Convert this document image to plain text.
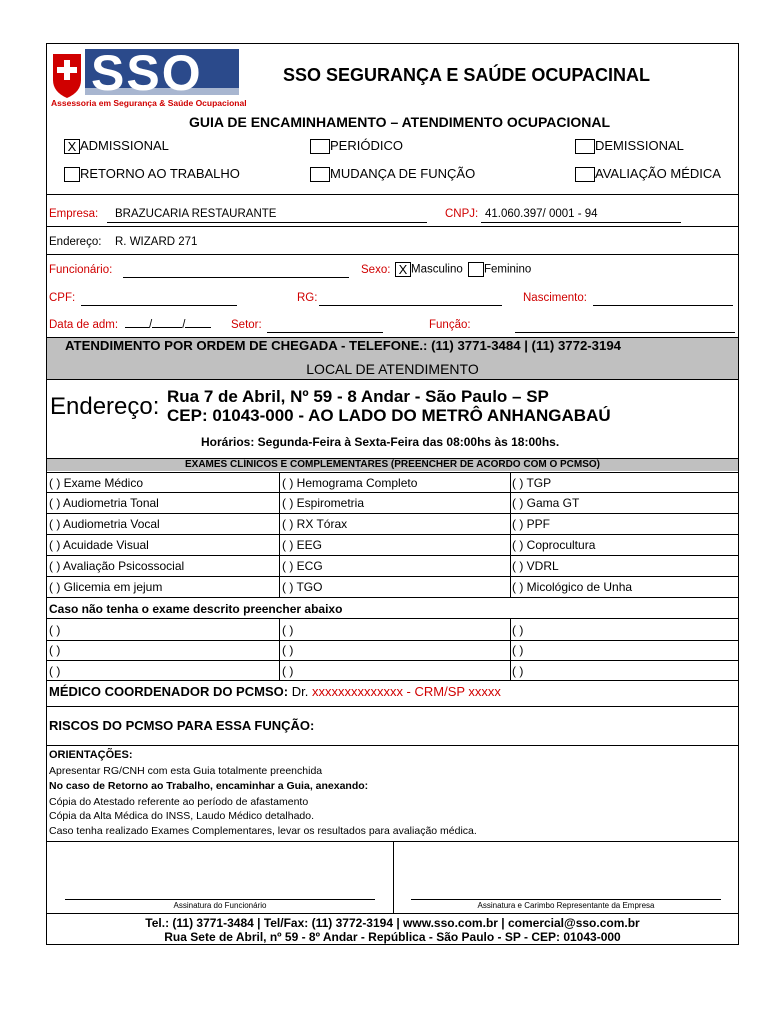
SSO
Assessoria em Segurança & Saúde Ocupacional
SSO SEGURANÇA E SAÚDE OCUPACINAL
GUIA DE ENCAMINHAMENTO – ATENDIMENTO OCUPACIONAL
X ADMISSIONAL	PERIÓDICO	DEMISSIONAL
RETORNO AO TRABALHO	MUDANÇA DE FUNÇÃO	AVALIAÇÃO MÉDICA
Empresa: BRAZUCARIA RESTAURANTE	CNPJ: 41.060.397/ 0001 - 94
Endereço: R. WIZARD 271
Funcionário:	Sexo: X Masculino Feminino
CPF:	RG:	Nascimento:
Data de adm:	/	/	Setor:	Função:
ATENDIMENTO POR ORDEM DE CHEGADA - TELEFONE.: (11) 3771-3484 | (11) 3772-3194
LOCAL DE ATENDIMENTO
Endereço: Rua 7 de Abril, Nº 59 - 8 Andar - São Paulo – SP
CEP: 01043-000 - AO LADO DO METRÔ ANHANGABAÚ
Horários: Segunda-Feira à Sexta-Feira das 08:00hs às 18:00hs.
EXAMES CLÍNICOS E COMPLEMENTARES (PREENCHER DE ACORDO COM O PCMSO)
( ) Exame Médico	( ) Hemograma Completo	( ) TGP
( ) Audiometria Tonal	( ) Espirometria	( ) Gama GT
( ) Audiometria Vocal	( ) RX Tórax	( ) PPF
( ) Acuidade Visual	( ) EEG	( ) Coprocultura
( ) Avaliação Psicossocial	( ) ECG	( ) VDRL
( ) Glicemia em jejum	( ) TGO	( ) Micológico de Unha
Caso não tenha o exame descrito preencher abaixo
( )	( )	( )
( )	( )	( )
( )	( )	( )
MÉDICO COORDENADOR DO PCMSO: Dr. xxxxxxxxxxxxxx - CRM/SP xxxxx
RISCOS DO PCMSO PARA ESSA FUNÇÃO:
ORIENTAÇÕES:
Apresentar RG/CNH com esta Guia totalmente preenchida
No caso de Retorno ao Trabalho, encaminhar a Guia, anexando:
Cópia do Atestado referente ao período de afastamento
Cópia da Alta Médica do INSS, Laudo Médico detalhado.
Caso tenha realizado Exames Complementares, levar os resultados para avaliação médica.
Assinatura do Funcionário	Assinatura e Carimbo Representante da Empresa
Tel.: (11) 3771-3484 | Tel/Fax: (11) 3772-3194 | www.sso.com.br | comercial@sso.com.br
Rua Sete de Abril, nº 59 - 8º Andar - República - São Paulo - SP - CEP: 01043-000
